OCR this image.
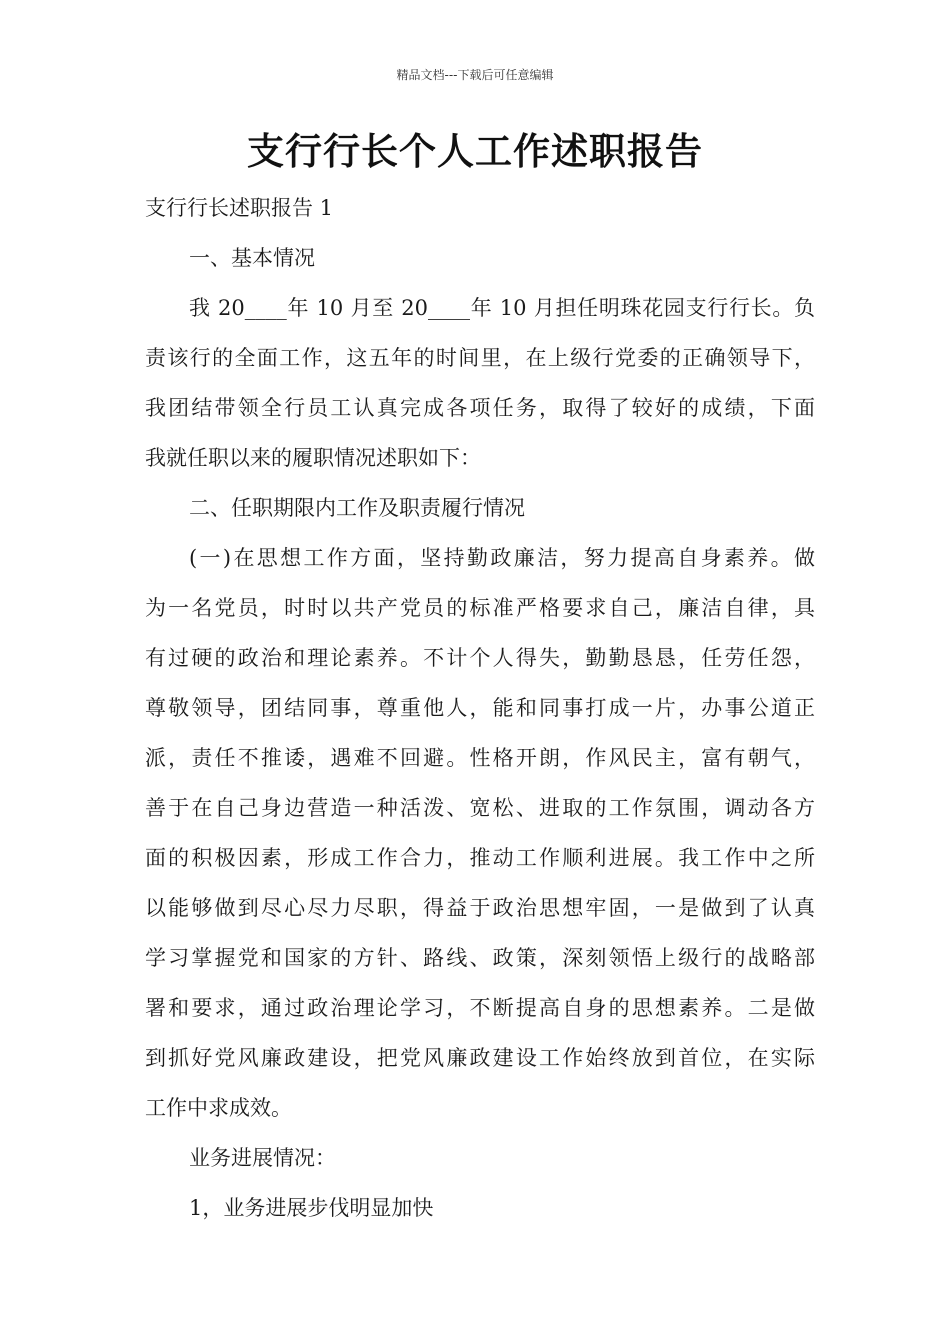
精品文档---下载后可任意编辑
支行行长个人工作述职报告
支行行长述职报告 1
一、基本情况
我 20____年 10 月至 20____年 10 月担任明珠花园支行行长。负
责该行的全面工作，这五年的时间里，在上级行党委的正确领导下，
我团结带领全行员工认真完成各项任务，取得了较好的成绩，下面
我就任职以来的履职情况述职如下：
二、任职期限内工作及职责履行情况
(一)在思想工作方面，坚持勤政廉洁，努力提高自身素养。做
为一名党员，时时以共产党员的标准严格要求自己，廉洁自律，具
有过硬的政治和理论素养。不计个人得失，勤勤恳恳，任劳任怨，
尊敬领导，团结同事，尊重他人，能和同事打成一片，办事公道正
派，责任不推诿，遇难不回避。性格开朗，作风民主，富有朝气，
善于在自己身边营造一种活泼、宽松、进取的工作氛围，调动各方
面的积极因素，形成工作合力，推动工作顺利进展。我工作中之所
以能够做到尽心尽力尽职，得益于政治思想牢固，一是做到了认真
学习掌握党和国家的方针、路线、政策，深刻领悟上级行的战略部
署和要求，通过政治理论学习，不断提高自身的思想素养。二是做
到抓好党风廉政建设，把党风廉政建设工作始终放到首位，在实际
工作中求成效。
业务进展情况：
1，业务进展步伐明显加快
